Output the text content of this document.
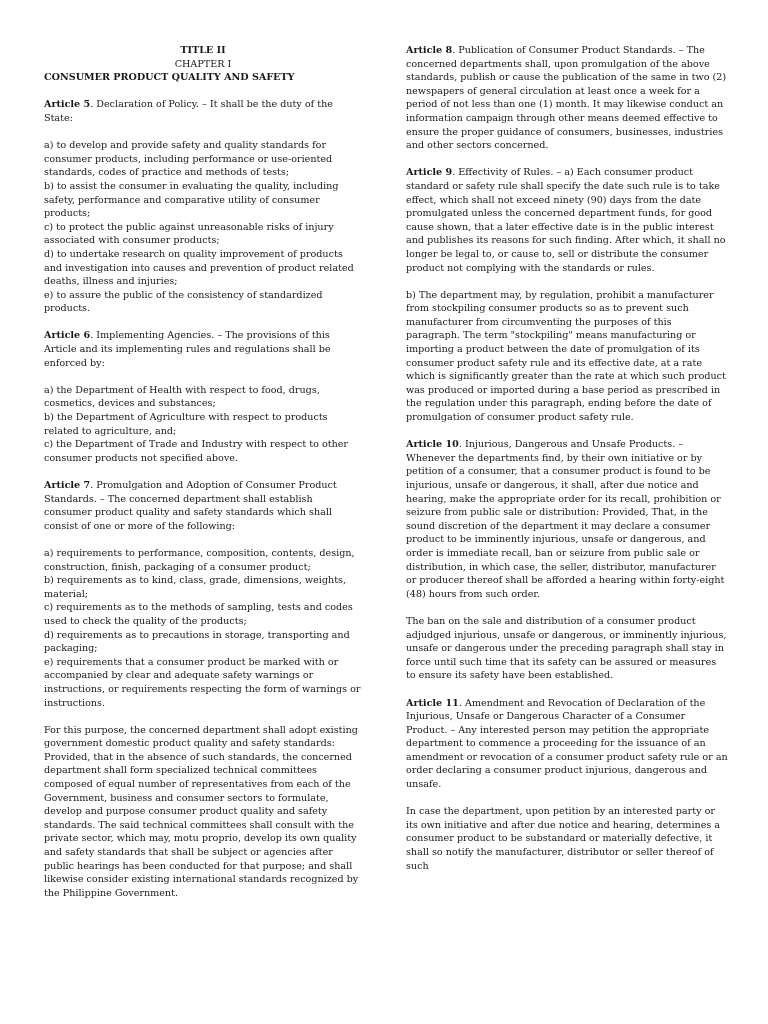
TITLE II
CHAPTER I
CONSUMER PRODUCT QUALITY AND SAFETY

Article 5. Declaration of Policy. – It shall be the duty of the State:

a) to develop and provide safety and quality standards for consumer products, including performance or use-oriented standards, codes of practice and methods of tests;

b) to assist the consumer in evaluating the quality, including safety, performance and comparative utility of consumer products;

c) to protect the public against unreasonable risks of injury associated with consumer products;

d) to undertake research on quality improvement of products and investigation into causes and prevention of product related deaths, illness and injuries;

e) to assure the public of the consistency of standardized products.

Article 6. Implementing Agencies. – The provisions of this Article and its implementing rules and regulations shall be enforced by:

a) the Department of Health with respect to food, drugs, cosmetics, devices and substances;

b) the Department of Agriculture with respect to products related to agriculture, and;

c) the Department of Trade and Industry with respect to other consumer products not specified above.

Article 7. Promulgation and Adoption of Consumer Product Standards. – The concerned department shall establish consumer product quality and safety standards which shall consist of one or more of the following:

a) requirements to performance, composition, contents, design, construction, finish, packaging of a consumer product;

b) requirements as to kind, class, grade, dimensions, weights, material;

c) requirements as to the methods of sampling, tests and codes used to check the quality of the products;

d) requirements as to precautions in storage, transporting and packaging;

e) requirements that a consumer product be marked with or accompanied by clear and adequate safety warnings or instructions, or requirements respecting the form of warnings or instructions.

For this purpose, the concerned department shall adopt existing government domestic product quality and safety standards: Provided, that in the absence of such standards, the concerned department shall form specialized technical committees composed of equal number of representatives from each of the Government, business and consumer sectors to formulate, develop and purpose consumer product quality and safety standards. The said technical committees shall consult with the private sector, which may, motu proprio, develop its own quality and safety standards that shall be subject or agencies after public hearings has been conducted for that purpose; and shall likewise consider existing international standards recognized by the Philippine Government.

Article 8. Publication of Consumer Product Standards. – The concerned departments shall, upon promulgation of the above standards, publish or cause the publication of the same in two (2) newspapers of general circulation at least once a week for a period of not less than one (1) month. It may likewise conduct an information campaign through other means deemed effective to ensure the proper guidance of consumers, businesses, industries and other sectors concerned.

Article 9. Effectivity of Rules. – a) Each consumer product standard or safety rule shall specify the date such rule is to take effect, which shall not exceed ninety (90) days from the date promulgated unless the concerned department funds, for good cause shown, that a later effective date is in the public interest and publishes its reasons for such finding. After which, it shall no longer be legal to, or cause to, sell or distribute the consumer product not complying with the standards or rules.

b) The department may, by regulation, prohibit a manufacturer from stockpiling consumer products so as to prevent such manufacturer from circumventing the purposes of this paragraph. The term "stockpiling" means manufacturing or importing a product between the date of promulgation of its consumer product safety rule and its effective date, at a rate which is significantly greater than the rate at which such product was produced or imported during a base period as prescribed in the regulation under this paragraph, ending before the date of promulgation of consumer product safety rule.

Article 10. Injurious, Dangerous and Unsafe Products. – Whenever the departments find, by their own initiative or by petition of a consumer, that a consumer product is found to be injurious, unsafe or dangerous, it shall, after due notice and hearing, make the appropriate order for its recall, prohibition or seizure from public sale or distribution: Provided, That, in the sound discretion of the department it may declare a consumer product to be imminently injurious, unsafe or dangerous, and order is immediate recall, ban or seizure from public sale or distribution, in which case, the seller, distributor, manufacturer or producer thereof shall be afforded a hearing within forty-eight (48) hours from such order.

The ban on the sale and distribution of a consumer product adjudged injurious, unsafe or dangerous, or imminently injurious, unsafe or dangerous under the preceding paragraph shall stay in force until such time that its safety can be assured or measures to ensure its safety have been established.

Article 11. Amendment and Revocation of Declaration of the Injurious, Unsafe or Dangerous Character of a Consumer Product. – Any interested person may petition the appropriate department to commence a proceeding for the issuance of an amendment or revocation of a consumer product safety rule or an order declaring a consumer product injurious, dangerous and unsafe.

In case the department, upon petition by an interested party or its own initiative and after due notice and hearing, determines a consumer product to be substandard or materially defective, it shall so notify the manufacturer, distributor or seller thereof of such
